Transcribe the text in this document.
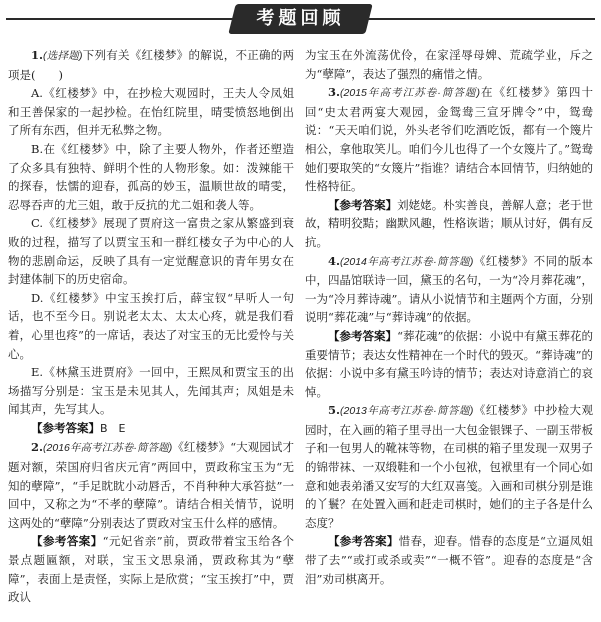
考题回顾

1.(选择题)下列有关《红楼梦》的解说，不正确的两项是(　　)

A.《红楼梦》中，在抄检大观园时，王夫人令凤姐和王善保家的一起抄检。在怡红院里，晴雯愤怒地倒出了所有东西，但并无私弊之物。

B.在《红楼梦》中，除了主要人物外，作者还塑造了众多具有独特、鲜明个性的人物形象。如：泼辣能干的探春，怯懦的迎春，孤高的妙玉，温顺世故的晴雯，忍辱吞声的尤三姐，敢于反抗的尤二姐和袭人等。

C.《红楼梦》展现了贾府这一富贵之家从繁盛到衰败的过程，描写了以贾宝玉和一群红楼女子为中心的人物的悲剧命运，反映了具有一定觉醒意识的青年男女在封建体制下的历史宿命。

D.《红楼梦》中宝玉挨打后，薛宝钗“早听人一句话，也不至今日。别说老太太、太太心疼，就是我们看着，心里也疼”的一席话，表达了对宝玉的无比爱怜与关心。

E.《林黛玉进贾府》一回中，王熙凤和贾宝玉的出场描写分别是：宝玉是未见其人，先闻其声；凤姐是未闻其声，先写其人。

【参考答案】B　E

2.(2016年高考江苏卷·简答题)《红楼梦》“大观园试才题对额，荣国府归省庆元宵”两回中，贾政称宝玉为“无知的孽障”，“手足眈眈小动唇舌，不肖种种大承笞挞”一回中，又称之为“不孝的孽障”。请结合相关情节，说明这两处的“孽障”分别表达了贾政对宝玉什么样的感情。

【参考答案】“元妃省亲”前，贾政带着宝玉给各个景点题匾额，对联，宝玉文思泉涌，贾政称其为“孽障”，表面上是责怪，实际上是欣赏；“宝玉挨打”中，贾政认

为宝玉在外流荡优伶，在家淫辱母婢、荒疏学业，斥之为“孽障”，表达了强烈的痛惜之情。

3.(2015年高考江苏卷·简答题)在《红楼梦》第四十回“史太君两宴大观园，金鸳鸯三宣牙牌令”中，鸳鸯说：“天天咱们说，外头老爷们吃酒吃饭，都有一个篾片相公，拿他取笑儿。咱们今儿也得了一个女篾片了。”鸳鸯她们要取笑的“女篾片”指谁？请结合本回情节，归纳她的性格特征。

【参考答案】刘姥姥。朴实善良，善解人意；老于世故，精明狡黠；幽默风趣，性格诙谐；顺从讨好，偶有反抗。

4.(2014年高考江苏卷·简答题)《红楼梦》不同的版本中，四晶馆联诗一回，黛玉的名句，一为“冷月葬花魂”，一为“冷月葬诗魂”。请从小说情节和主题两个方面，分别说明“葬花魂”与“葬诗魂”的依据。

【参考答案】“葬花魂”的依据：小说中有黛玉葬花的重要情节；表达女性精神在一个时代的毁灭。“葬诗魂”的依据：小说中多有黛玉吟诗的情节；表达对诗意消亡的哀悼。

5.(2013年高考江苏卷·简答题)《红楼梦》中抄检大观园时，在入画的箱子里寻出一大包金银锞子、一副玉带板子和一包男人的靴袜等物，在司棋的箱子里发现一双男子的锦带袜、一双缎鞋和一个小包袱，包袱里有一个同心如意和她表弟潘又安写的大红双喜笺。入画和司棋分别是谁的丫鬟？在处置入画和赶走司棋时，她们的主子各是什么态度？

【参考答案】惜春，迎春。惜春的态度是“立逼凤姐带了去”“或打或杀或卖”“一概不管”。迎春的态度是“含泪”劝司棋离开。
